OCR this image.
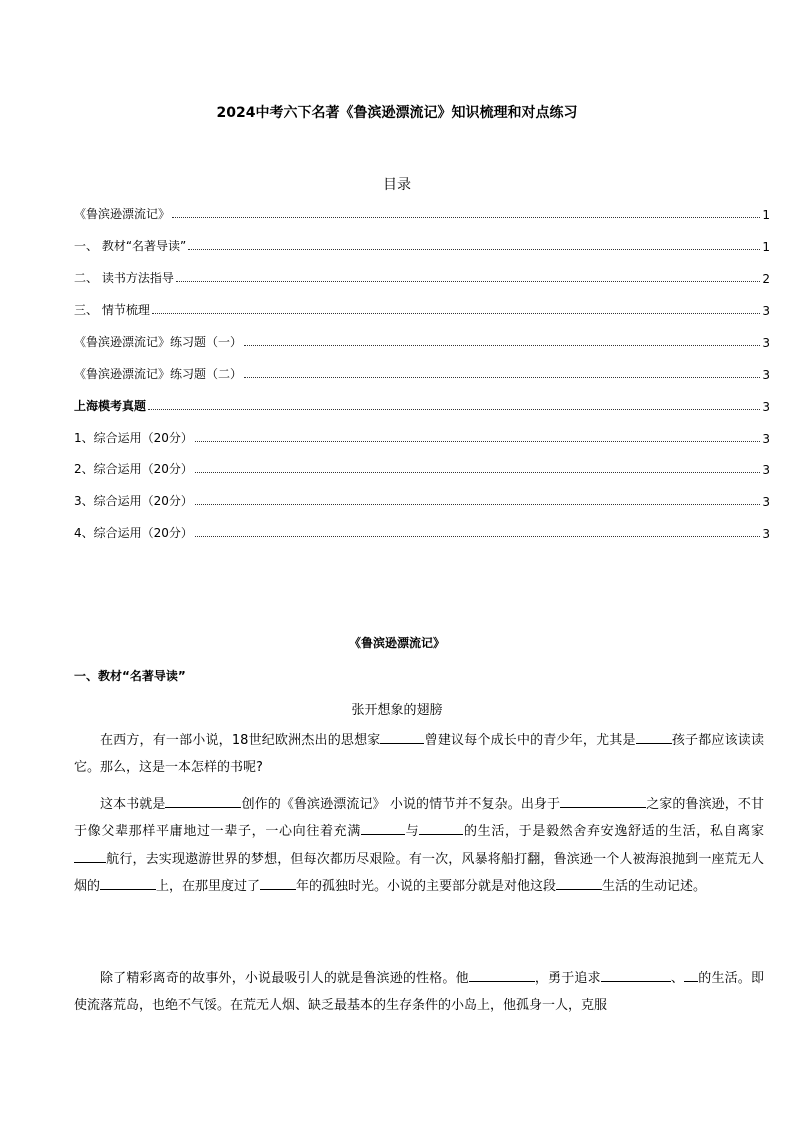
2024中考六下名著《鲁滨逊漂流记》知识梳理和对点练习
目录
《鲁滨逊漂流记》	1
一、 教材“名著导读”	1
二、 读书方法指导	2
三、 情节梳理	3
《鲁滨逊漂流记》练习题（一）	3
《鲁滨逊漂流记》练习题（二）	3
上海模考真题	3
1、综合运用（20分）	3
2、综合运用（20分）	3
3、综合运用（20分）	3
4、综合运用（20分）	3
《鲁滨逊漂流记》
一、教材“名著导读”
张开想象的翅膀

在西方，有一部小说，18世纪欧洲杰出的思想家	曾建议每个成长中的青少年，尤其是	孩子都应该读读它。那么，这是一本怎样的书呢?

这本书就是	创作的《鲁滨逊漂流记》 小说的情节并不复杂。出身于	之家的鲁滨逊，不甘于像父辈那样平庸地过一辈子，一心向往着充满	与	的生活，于是毅然舍弃安逸舒适的生活，私自离家航行，去实现遨游世界的梦想，但每次都历尽艰险。有一次，风暴将船打翻，鲁滨逊一个人被海浪抛到一座荒无人烟的	上，在那里度过了	年的孤独时光。小说的主要部分就是对他这段	生活的生动记述。

除了精彩离奇的故事外，小说最吸引人的就是鲁滨逊的性格。他	，勇于追求	、 的生活。即使流落荒岛，也绝不气馁。在荒无人烟、缺乏最基本的生存条件的小岛上，他孤身一人，克服
